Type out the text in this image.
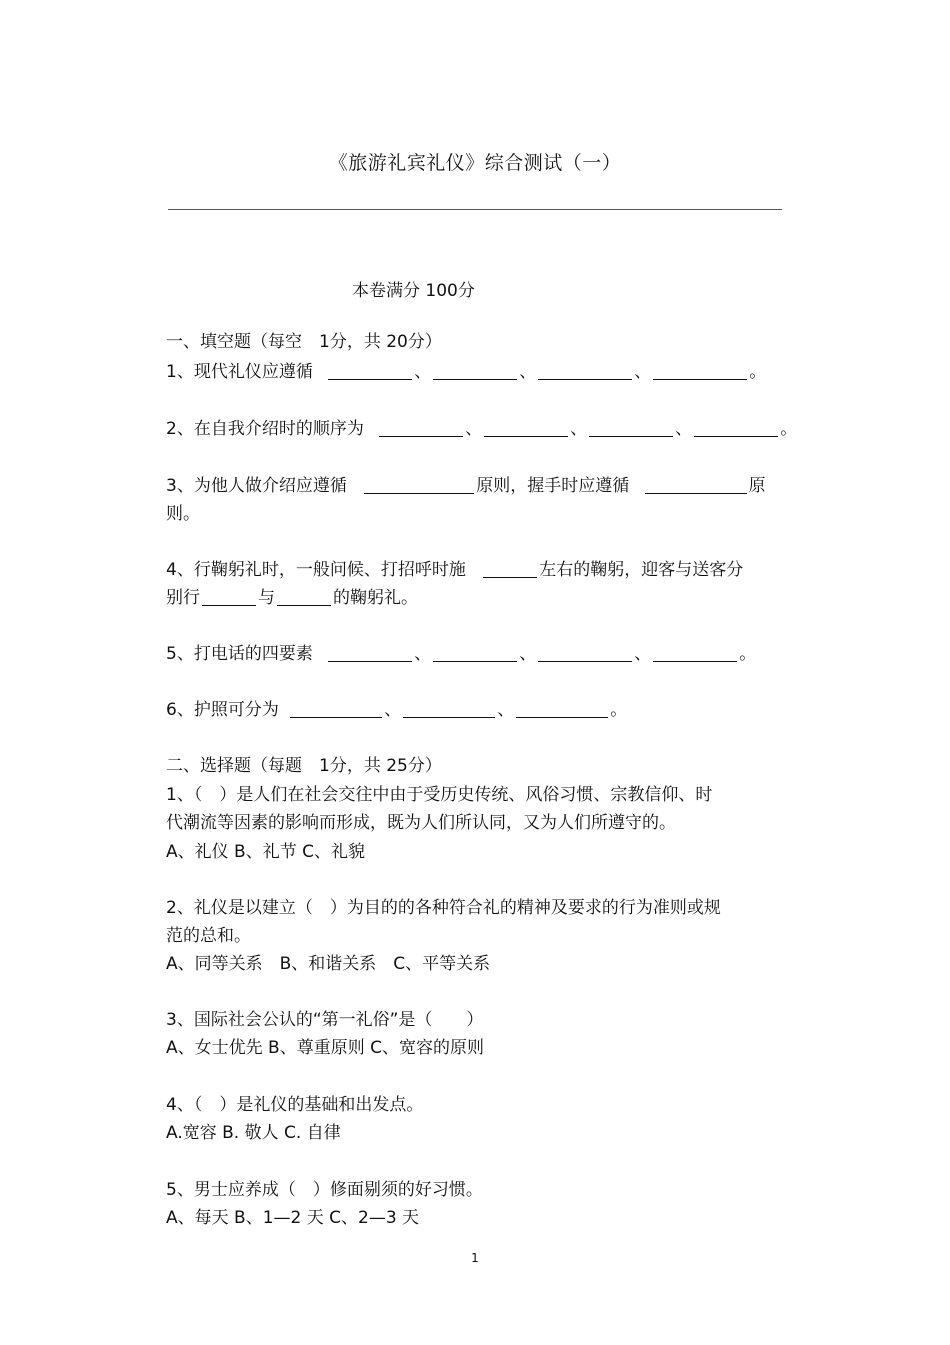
《旅游礼宾礼仪》综合测试（一）
本卷满分 100分
一、填空题（每空　1分，共 20分）
1、现代礼仪应遵循	、	、	、	。
2、在自我介绍时的顺序为	、	、	、	。
3、为他人做介绍应遵循	原则，握手时应遵循	原
则。
4、行鞠躬礼时，一般问候、打招呼时施	左右的鞠躬，迎客与送客分
别行	与	的鞠躬礼。
5、打电话的四要素	、	、	、	。
6、护照可分为	、	、	。
二、选择题（每题　1分，共 25分）
1、（　）是人们在社会交往中由于受历史传统、风俗习惯、宗教信仰、时
代潮流等因素的影响而形成，既为人们所认同，又为人们所遵守的。
A、礼仪 B、礼节 C、礼貌
2、礼仪是以建立（　）为目的的各种符合礼的精神及要求的行为准则或规
范的总和。
A、同等关系　B、和谐关系　C、平等关系
3、国际社会公认的“第一礼俗”是（　　）
A、女士优先 B、尊重原则 C、宽容的原则
4、（　）是礼仪的基础和出发点。
A.宽容 B. 敬人 C. 自律
5、男士应养成（　）修面剔须的好习惯。
A、每天 B、1—2 天 C、2—3 天
1
